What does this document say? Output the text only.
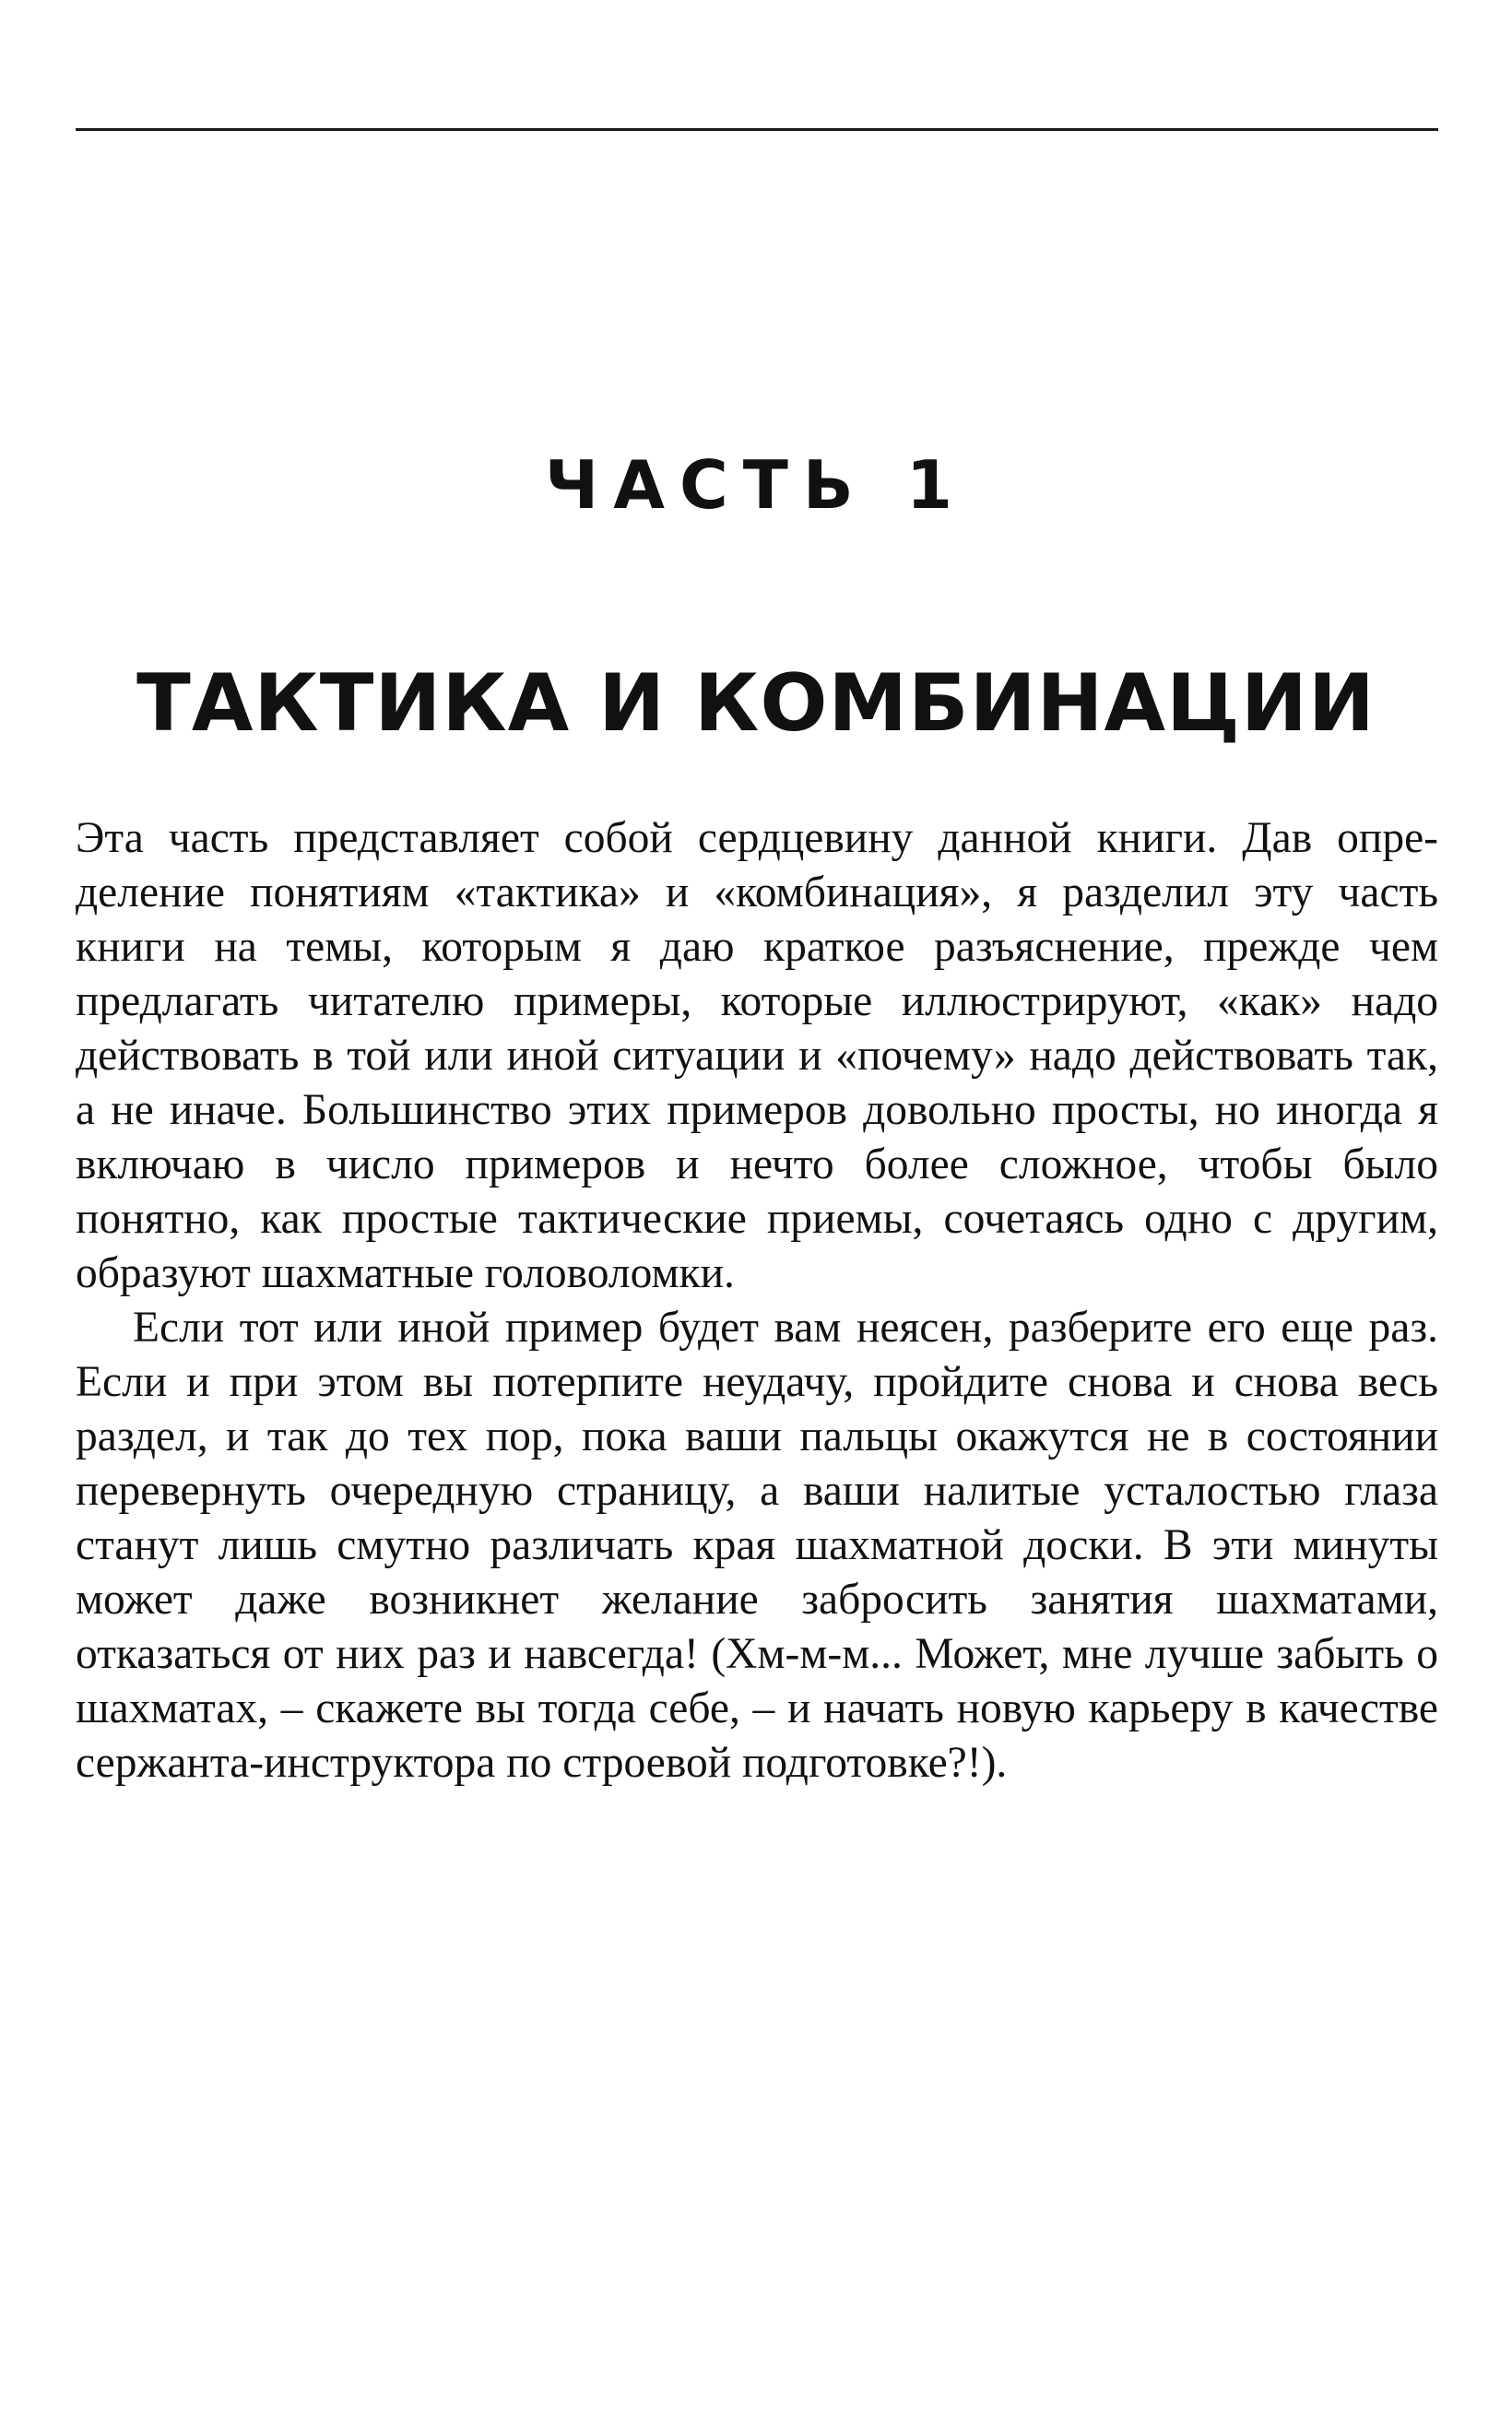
ЧАСТЬ 1
ТАКТИКА И КОМБИНАЦИИ

Эта часть представляет собой сердцевину данной книги. Дав определение понятиям «тактика» и «комбинация», я разделил эту часть книги на темы, которым я даю краткое разъяснение, прежде чем предлагать читателю примеры, которые иллюстрируют, «как» надо действовать в той или иной ситуации и «почему» надо действовать так, а не иначе. Большинство этих примеров довольно просты, но иногда я включаю в число примеров и нечто более сложное, чтобы было понятно, как простые тактические приемы, сочетаясь одно с другим, образуют шахматные головоломки.

Если тот или иной пример будет вам неясен, разберите его еще раз. Если и при этом вы потерпите неудачу, пройдите снова и снова весь раздел, и так до тех пор, пока ваши пальцы окажутся не в состоянии перевернуть очередную страницу, а ваши налитые усталостью глаза станут лишь смутно различать края шахматной доски. В эти минуты может даже возникнет желание забросить занятия шахматами, отказаться от них раз и навсегда! (Хм-м-м... Может, мне лучше забыть о шахматах, – скажете вы тогда себе, – и начать новую карьеру в качестве сержанта-инструктора по строевой подготовке?!).
